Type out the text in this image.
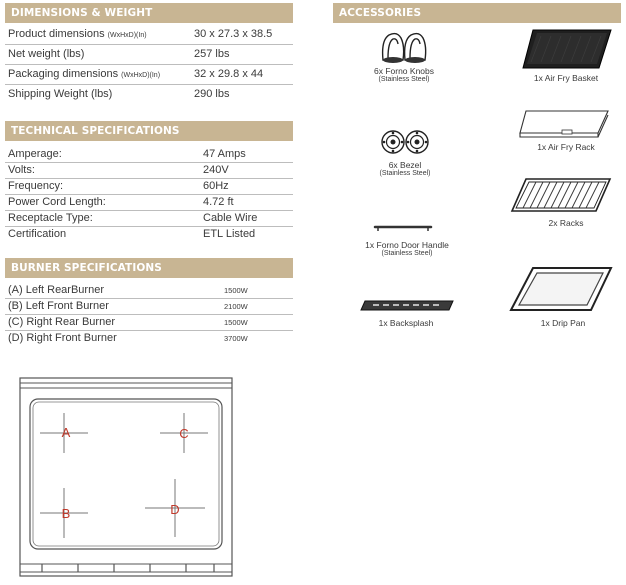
DIMENSIONS & WEIGHT
Product dimensions (WxHxD)(In)	30 x 27.3 x 38.5
Net weight (lbs)	257 lbs
Packaging dimensions (WxHxD)(In)	32 x 29.8 x 44
Shipping Weight (lbs)	290 lbs
TECHNICAL SPECIFICATIONS
Amperage:	47 Amps
Volts:	240V
Frequency:	60Hz
Power Cord Length:	4.72 ft
Receptacle Type:	Cable Wire
Certification	ETL Listed
BURNER SPECIFICATIONS
(A) Left RearBurner	1500W
(B) Left Front Burner	2100W
(C) Right Rear Burner	1500W
(D) Right Front Burner	3700W
ACCESSORIES
6x Forno Knobs
(Stainless Steel)	1x Air Fry Basket
1x Air Fry Rack
6x Bezel
(Stainless Steel)
2x Racks
1x Forno Door Handle
(Stainless Steel)
1x Drip Pan
1x Backsplash
A
B
C
D
